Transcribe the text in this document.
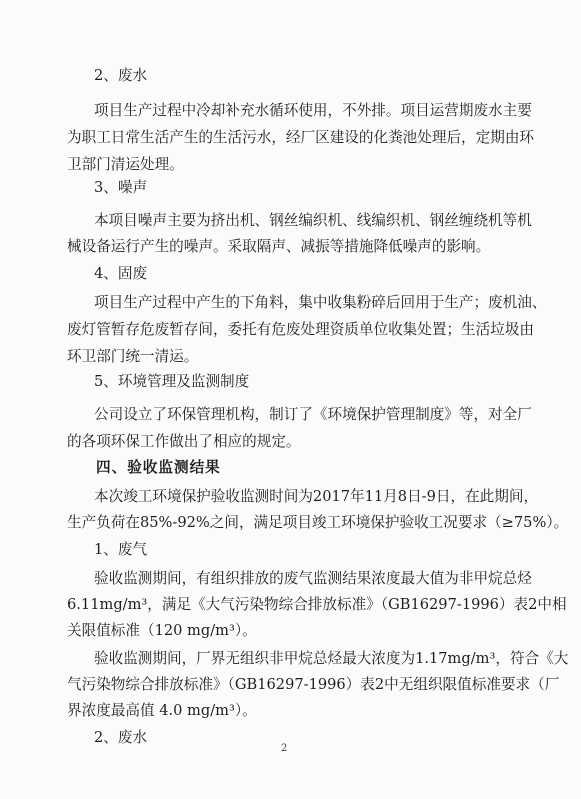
2、废水
项目生产过程中冷却补充水循环使用，不外排。项目运营期废水主要
为职工日常生活产生的生活污水，经厂区建设的化粪池处理后，定期由环
卫部门清运处理。
3、噪声
本项目噪声主要为挤出机、钢丝编织机、线编织机、钢丝缠绕机等机
械设备运行产生的噪声。采取隔声、减振等措施降低噪声的影响。
4、固废
项目生产过程中产生的下角料，集中收集粉碎后回用于生产；废机油、
废灯管暂存危废暂存间，委托有危废处理资质单位收集处置；生活垃圾由
环卫部门统一清运。
5、环境管理及监测制度
公司设立了环保管理机构，制订了《环境保护管理制度》等，对全厂
的各项环保工作做出了相应的规定。
四、验收监测结果
本次竣工环境保护验收监测时间为2017年11月8日-9日，在此期间，
生产负荷在85%-92%之间，满足项目竣工环境保护验收工况要求（≥75%）。
1、废气
验收监测期间，有组织排放的废气监测结果浓度最大值为非甲烷总烃
6.11mg/m³，满足《大气污染物综合排放标准》（GB16297-1996）表2中相
关限值标准（120 mg/m³）。
验收监测期间，厂界无组织非甲烷总烃最大浓度为1.17mg/m³，符合《大
气污染物综合排放标准》（GB16297-1996）表2中无组织限值标准要求（厂
界浓度最高值 4.0 mg/m³）。
2、废水
2
